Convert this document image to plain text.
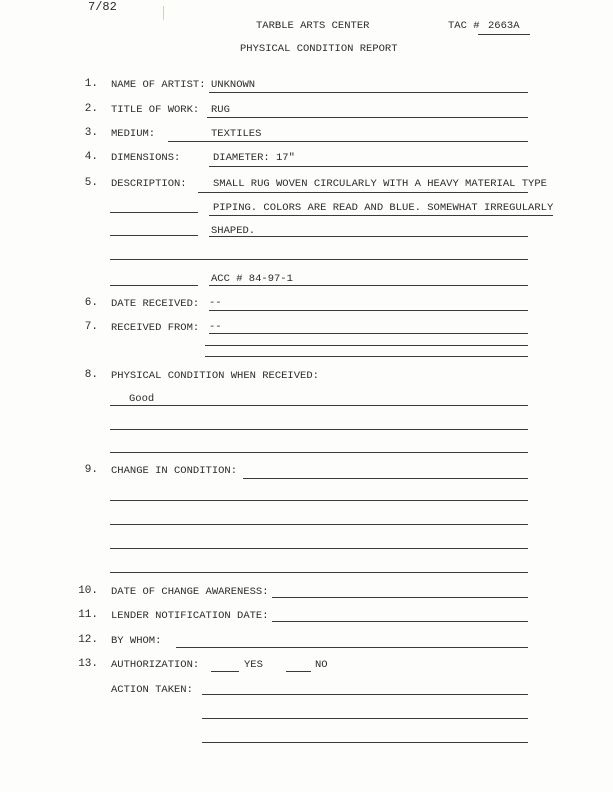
7/82
TARBLE ARTS CENTER	TAC # 2663A
PHYSICAL CONDITION REPORT
1. NAME OF ARTIST: UNKNOWN
2. TITLE OF WORK: RUG
3. MEDIUM:	TEXTILES
4. DIMENSIONS:	DIAMETER: 17"
5. DESCRIPTION:	SMALL RUG WOVEN CIRCULARLY WITH A HEAVY MATERIAL TYPE
PIPING. COLORS ARE READ AND BLUE. SOMEWHAT IRREGULARLY
SHAPED.
ACC # 84-97-1
6. DATE RECEIVED: --
7. RECEIVED FROM: --
8. PHYSICAL CONDITION WHEN RECEIVED:
Good
9. CHANGE IN CONDITION:
10. DATE OF CHANGE AWARENESS:
11. LENDER NOTIFICATION DATE:
12. BY WHOM:
13. AUTHORIZATION:	YES	NO
ACTION TAKEN:
